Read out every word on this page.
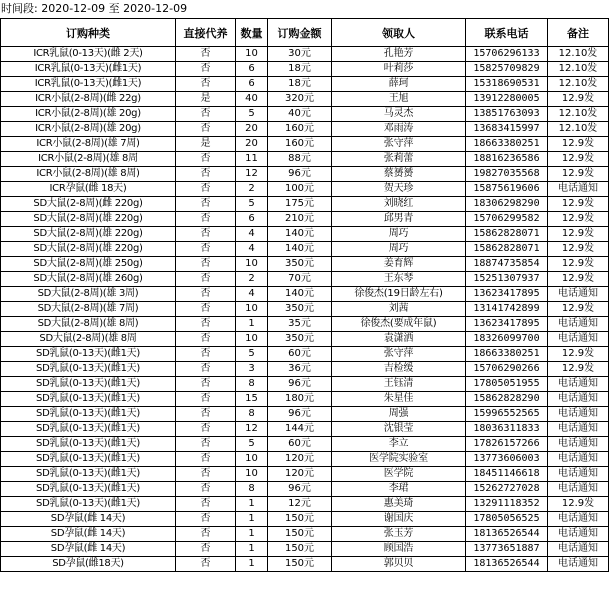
时间段: 2020-12-09 至 2020-12-09
订购种类	直接代养	数量	订购金额	领取人	联系电话	备注
ICR乳鼠(0-13天)(雌 2天)	否	10	30元	孔艳芳	15706296133	12.10发
ICR乳鼠(0-13天)(雌1天)	否	6	18元	叶莉莎	15825709829	12.10发
ICR乳鼠(0-13天)(雌1天)	否	6	18元	薛珂	15318690531	12.10发
ICR小鼠(2-8周)(雌 22g)	是	40	320元	王旭	13912280005	12.9发
ICR小鼠(2-8周)(雄 20g)	否	5	40元	马灵杰	13851763093	12.10发
ICR小鼠(2-8周)(雄 20g)	否	20	160元	邓雨涛	13683415997	12.10发
ICR小鼠(2-8周)(雄 7周)	是	20	160元	张守萍	18663380251	12.9发
ICR小鼠(2-8周)(雄 8周	否	11	88元	张莉蕾	18816236586	12.9发
ICR小鼠(2-8周)(雄 8周)	否	12	96元	蔡赟赟	19827035568	12.9发
ICR孕鼠(雌 18天)	否	2	100元	贺天珍	15875619606	电话通知
SD大鼠(2-8周)(雌 220g)	否	5	175元	刘晓红	18306298290	12.9发
SD大鼠(2-8周)(雄 220g)	否	6	210元	邱男青	15706299582	12.9发
SD大鼠(2-8周)(雄 220g)	否	4	140元	周巧	15862828071	12.9发
SD大鼠(2-8周)(雄 220g)	否	4	140元	周巧	15862828071	12.9发
SD大鼠(2-8周)(雄 250g)	否	10	350元	姜育辉	18874735854	12.9发
SD大鼠(2-8周)(雄 260g)	否	2	70元	王东琴	15251307937	12.9发
SD大鼠(2-8周)(雄 3周)	否	4	140元	徐俊杰(19日龄左右)	13623417895	电话通知
SD大鼠(2-8周)(雄 7周)	否	10	350元	刘茜	13141742899	12.9发
SD大鼠(2-8周)(雄 8周)	否	1	35元	徐俊杰(要成年鼠)	13623417895	电话通知
SD大鼠(2-8周)(雄 8周	否	10	350元	袁潇洒	18326099700	电话通知
SD乳鼠(0-13天)(雌1天)	否	5	60元	张守萍	18663380251	12.9发
SD乳鼠(0-13天)(雌1天)	否	3	36元	吉检缓	15706290266	12.9发
SD乳鼠(0-13天)(雌1天)	否	8	96元	王钰清	17805051955	电话通知
SD乳鼠(0-13天)(雌1天)	否	15	180元	朱星佳	15862828290	电话通知
SD乳鼠(0-13天)(雌1天)	否	8	96元	周强	15996552565	电话通知
SD乳鼠(0-13天)(雌1天)	否	12	144元	沈银莹	18036311833	电话通知
SD乳鼠(0-13天)(雌1天)	否	5	60元	李立	17826157266	电话通知
SD乳鼠(0-13天)(雌1天)	否	10	120元	医学院实验室	13773606003	电话通知
SD乳鼠(0-13天)(雌1天)	否	10	120元	医学院	18451146618	电话通知
SD乳鼠(0-13天)(雌1天)	否	8	96元	李珺	15262727028	电话通知
SD乳鼠(0-13天)(雌1天)	否	1	12元	惠美琦	13291118352	12.9发
SD孕鼠(雌 14天)	否	1	150元	谢国庆	17805056525	电话通知
SD孕鼠(雌 14天)	否	1	150元	张玉芳	18136526544	电话通知
SD孕鼠(雌 14天)	否	1	150元	顾国浩	13773651887	电话通知
SD孕鼠(雌18天)	否	1	150元	郭贝贝	18136526544	电话通知
